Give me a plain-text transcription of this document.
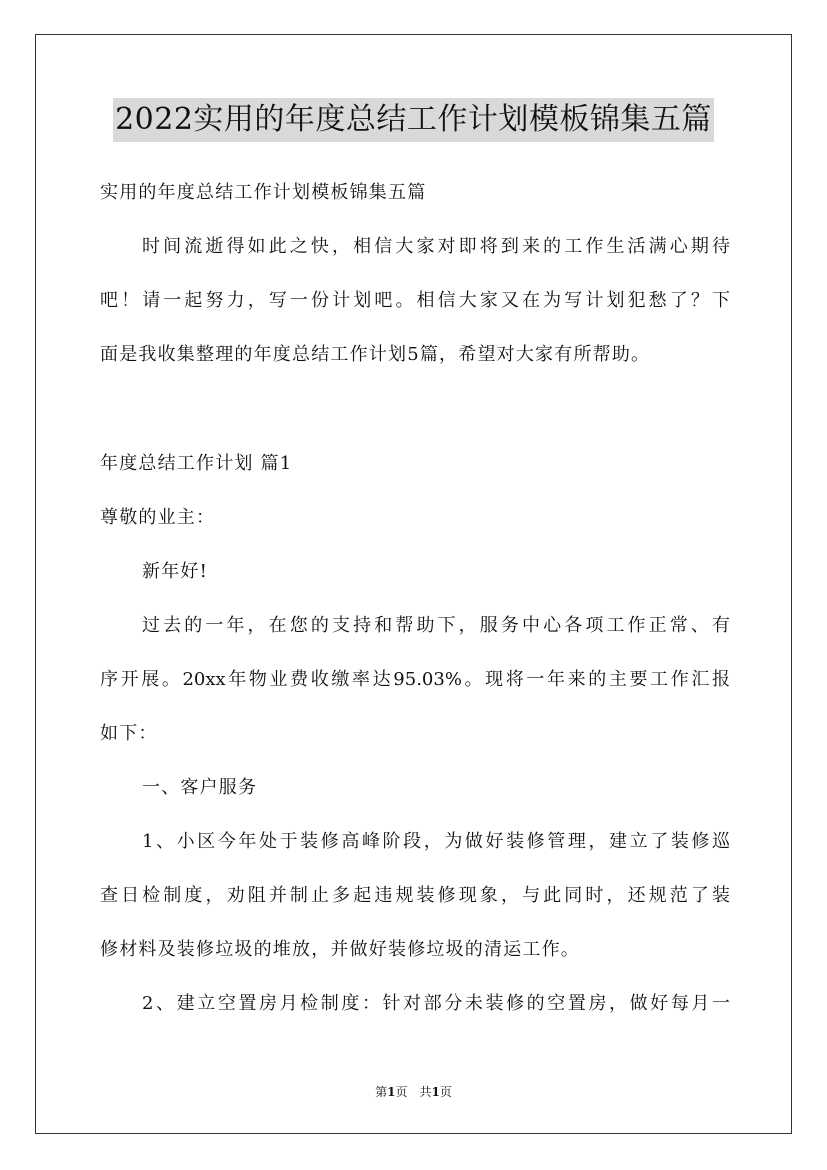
2022实用的年度总结工作计划模板锦集五篇
实用的年度总结工作计划模板锦集五篇
时间流逝得如此之快，相信大家对即将到来的工作生活满心期待
吧！请一起努力，写一份计划吧。相信大家又在为写计划犯愁了？下
面是我收集整理的年度总结工作计划5篇，希望对大家有所帮助。
年度总结工作计划 篇1
尊敬的业主：
新年好!
过去的一年，在您的支持和帮助下，服务中心各项工作正常、有
序开展。20xx年物业费收缴率达95.03%。现将一年来的主要工作汇报
如下：
一、客户服务
1、小区今年处于装修高峰阶段，为做好装修管理，建立了装修巡
查日检制度，劝阻并制止多起违规装修现象，与此同时，还规范了装
修材料及装修垃圾的堆放，并做好装修垃圾的清运工作。
2、建立空置房月检制度：针对部分未装修的空置房，做好每月一
第1页　共1页
